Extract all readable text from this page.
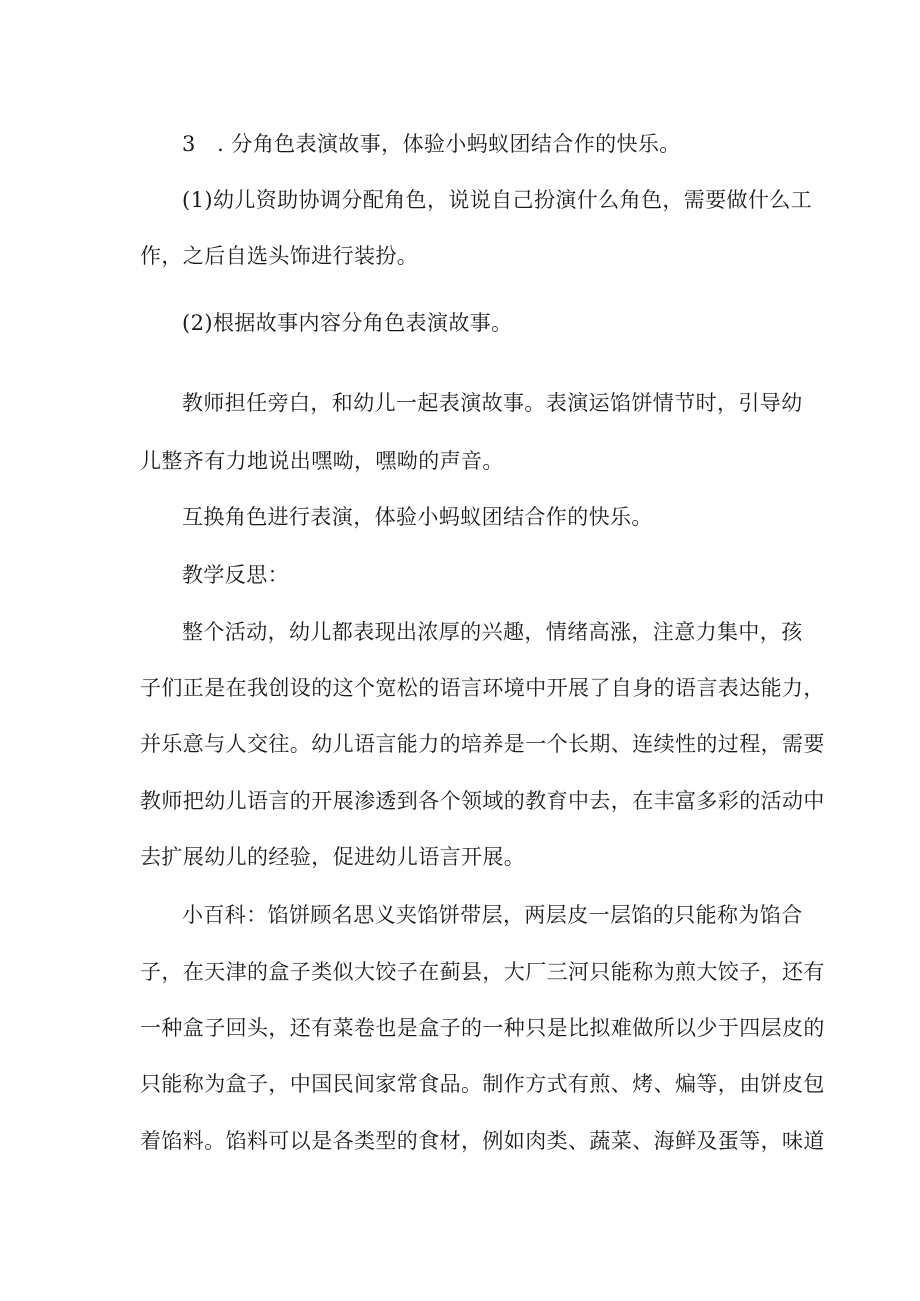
3 . 分角色表演故事，体验小蚂蚁团结合作的快乐。
(1)幼儿资助协调分配角色，说说自己扮演什么角色，需要做什么工
作，之后自选头饰进行装扮。
(2)根据故事内容分角色表演故事。
教师担任旁白，和幼儿一起表演故事。表演运馅饼情节时，引导幼
儿整齐有力地说出嘿呦，嘿呦的声音。
互换角色进行表演，体验小蚂蚁团结合作的快乐。
教学反思：
整个活动，幼儿都表现出浓厚的兴趣，情绪高涨，注意力集中，孩
子们正是在我创设的这个宽松的语言环境中开展了自身的语言表达能力，
并乐意与人交往。幼儿语言能力的培养是一个长期、连续性的过程，需要
教师把幼儿语言的开展渗透到各个领域的教育中去，在丰富多彩的活动中
去扩展幼儿的经验，促进幼儿语言开展。
小百科：馅饼顾名思义夹馅饼带层，两层皮一层馅的只能称为馅合
子，在天津的盒子类似大饺子在蓟县，大厂三河只能称为煎大饺子，还有
一种盒子回头，还有菜卷也是盒子的一种只是比拟难做所以少于四层皮的
只能称为盒子，中国民间家常食品。制作方式有煎、烤、煸等，由饼皮包
着馅料。馅料可以是各类型的食材，例如肉类、蔬菜、海鲜及蛋等，味道
